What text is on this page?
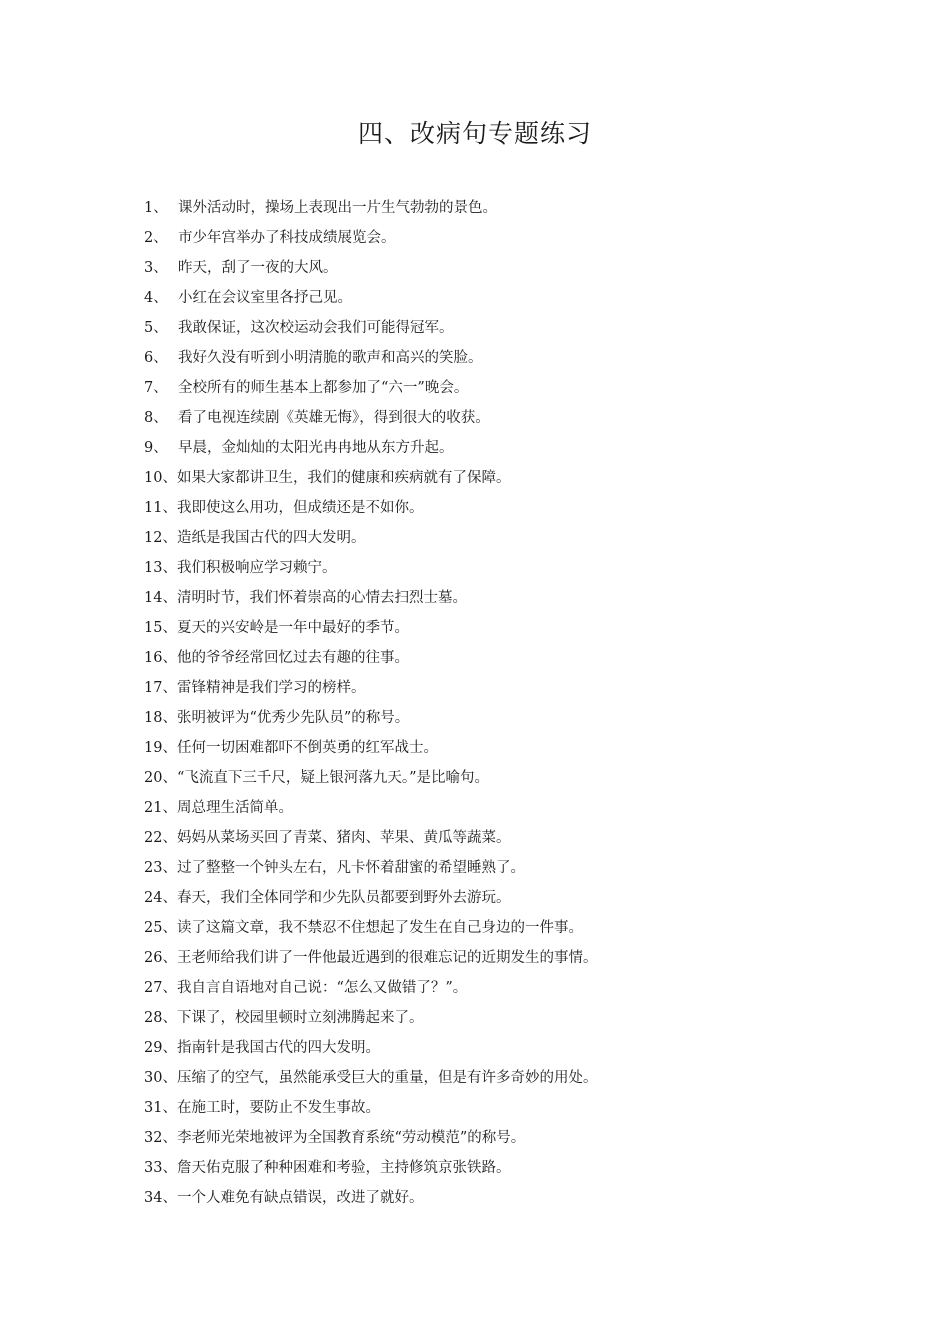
四、改病句专题练习
1、 课外活动时，操场上表现出一片生气勃勃的景色。
2、 市少年宫举办了科技成绩展览会。
3、 昨天，刮了一夜的大风。
4、 小红在会议室里各抒己见。
5、 我敢保证，这次校运动会我们可能得冠军。
6、 我好久没有听到小明清脆的歌声和高兴的笑脸。
7、 全校所有的师生基本上都参加了“六一”晚会。
8、 看了电视连续剧《英雄无悔》，得到很大的收获。
9、 早晨，金灿灿的太阳光冉冉地从东方升起。
10、 如果大家都讲卫生，我们的健康和疾病就有了保障。
11、 我即使这么用功，但成绩还是不如你。
12、 造纸是我国古代的四大发明。
13、 我们积极响应学习赖宁。
14、 清明时节，我们怀着崇高的心情去扫烈士墓。
15、 夏天的兴安岭是一年中最好的季节。
16、 他的爷爷经常回忆过去有趣的往事。
17、 雷锋精神是我们学习的榜样。
18、 张明被评为“优秀少先队员”的称号。
19、 任何一切困难都吓不倒英勇的红军战士。
20、 “飞流直下三千尺，疑上银河落九天。”是比喻句。
21、 周总理生活简单。
22、 妈妈从菜场买回了青菜、猪肉、苹果、黄瓜等蔬菜。
23、 过了整整一个钟头左右，凡卡怀着甜蜜的希望睡熟了。
24、 春天，我们全体同学和少先队员都要到野外去游玩。
25、 读了这篇文章，我不禁忍不住想起了发生在自己身边的一件事。
26、 王老师给我们讲了一件他最近遇到的很难忘记的近期发生的事情。
27、 我自言自语地对自己说：“怎么又做错了？”。
28、 下课了，校园里顿时立刻沸腾起来了。
29、 指南针是我国古代的四大发明。
30、 压缩了的空气，虽然能承受巨大的重量，但是有许多奇妙的用处。
31、 在施工时，要防止不发生事故。
32、 李老师光荣地被评为全国教育系统“劳动模范”的称号。
33、 詹天佑克服了种种困难和考验，主持修筑京张铁路。
34、 一个人难免有缺点错误，改进了就好。
